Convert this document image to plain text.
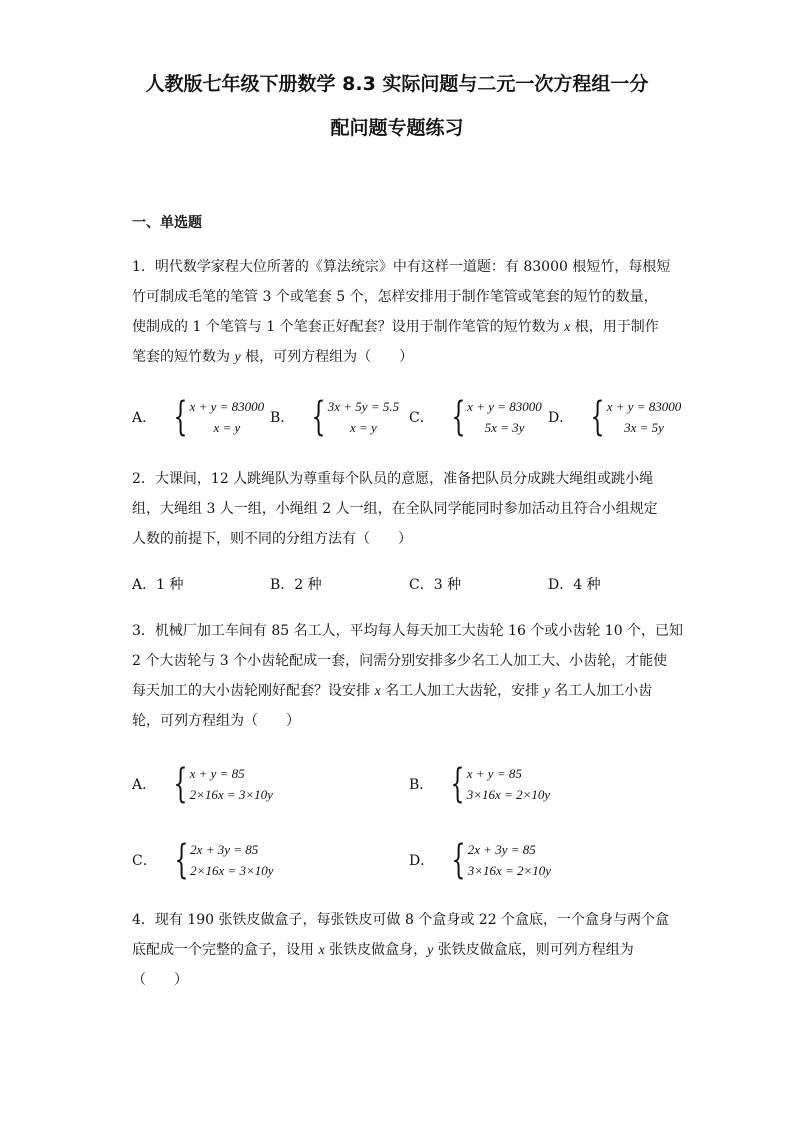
人教版七年级下册数学 8.3 实际问题与二元一次方程组一分
配问题专题练习
一、单选题
1．明代数学家程大位所著的《算法统宗》中有这样一道题：有 83000 根短竹，每根短
竹可制成毛笔的笔管 3 个或笔套 5 个，怎样安排用于制作笔管或笔套的短竹的数量，
使制成的 1 个笔管与 1 个笔套正好配套？设用于制作笔管的短竹数为 x 根，用于制作
笔套的短竹数为 y 根，可列方程组为（　　）
A． { x + y = 83000
x = y
B． { 3x + 5y = 5.5
x = y
C． { x + y = 83000
5x = 3y
D． { x + y = 83000
3x = 5y
2．大课间，12 人跳绳队为尊重每个队员的意愿，准备把队员分成跳大绳组或跳小绳
组，大绳组 3 人一组，小绳组 2 人一组，在全队同学能同时参加活动且符合小组规定
人数的前提下，则不同的分组方法有（　　）
A．1 种	B．2 种	C．3 种	D．4 种
3．机械厂加工车间有 85 名工人，平均每人每天加工大齿轮 16 个或小齿轮 10 个，已知
2 个大齿轮与 3 个小齿轮配成一套，问需分别安排多少名工人加工大、小齿轮，才能使
每天加工的大小齿轮刚好配套？设安排 x 名工人加工大齿轮，安排 y 名工人加工小齿
轮，可列方程组为（　　）
A． { x + y = 85
2×16x = 3×10y
B． { x + y = 85
3×16x = 2×10y
C． { 2x + 3y = 85
2×16x = 3×10y
D． { 2x + 3y = 85
3×16x = 2×10y
4．现有 190 张铁皮做盒子，每张铁皮可做 8 个盒身或 22 个盒底，一个盒身与两个盒
底配成一个完整的盒子，设用 x 张铁皮做盒身，y 张铁皮做盒底，则可列方程组为
（　　）
